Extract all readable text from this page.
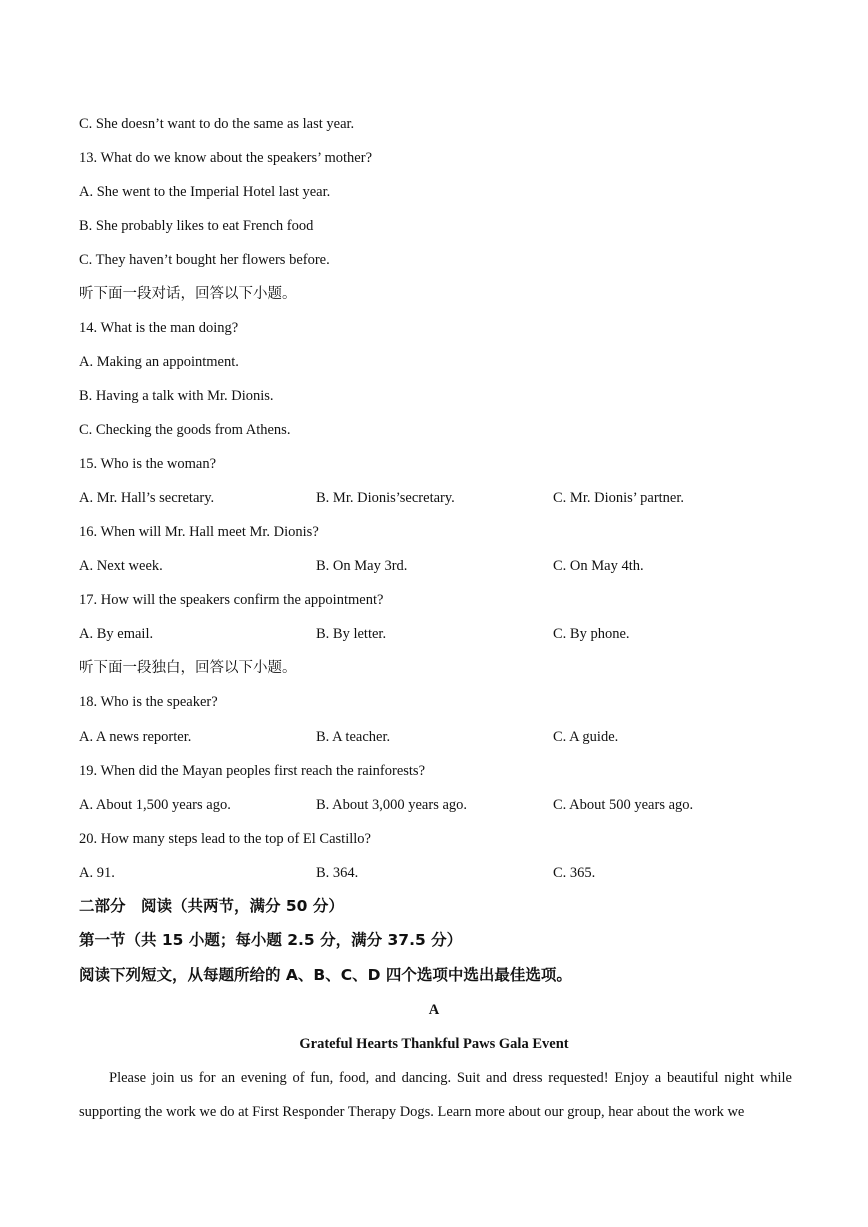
C. She doesn’t want to do the same as last year.
13. What do we know about the speakers’ mother?
A. She went to the Imperial Hotel last year.
B. She probably likes to eat French food
C. They haven’t bought her flowers before.
听下面一段对话，回答以下小题。
14. What is the man doing?
A. Making an appointment.
B. Having a talk with Mr. Dionis.
C. Checking the goods from Athens.
15. Who is the woman?
A. Mr. Hall’s secretary.	B. Mr. Dionis’secretary.	C. Mr. Dionis’ partner.
16. When will Mr. Hall meet Mr. Dionis?
A. Next week.	B. On May 3rd.	C. On May 4th.
17. How will the speakers confirm the appointment?
A. By email.	B. By letter.	C. By phone.
听下面一段独白，回答以下小题。
18. Who is the speaker?
A. A news reporter.	B. A teacher.	C. A guide.
19. When did the Mayan peoples first reach the rainforests?
A. About 1,500 years ago.	B. About 3,000 years ago.	C. About 500 years ago.
20. How many steps lead to the top of El Castillo?
A. 91.	B. 364.	C. 365.
二部分　阅读（共两节，满分 50 分）
第一节（共 15 小题；每小题 2.5 分，满分 37.5 分）
阅读下列短文，从每题所给的 A、B、C、D 四个选项中选出最佳选项。
A
Grateful Hearts Thankful Paws Gala Event
Please join us for an evening of fun, food, and dancing. Suit and dress requested! Enjoy a beautiful night while supporting the work we do at First Responder Therapy Dogs. Learn more about our group, hear about the work we
